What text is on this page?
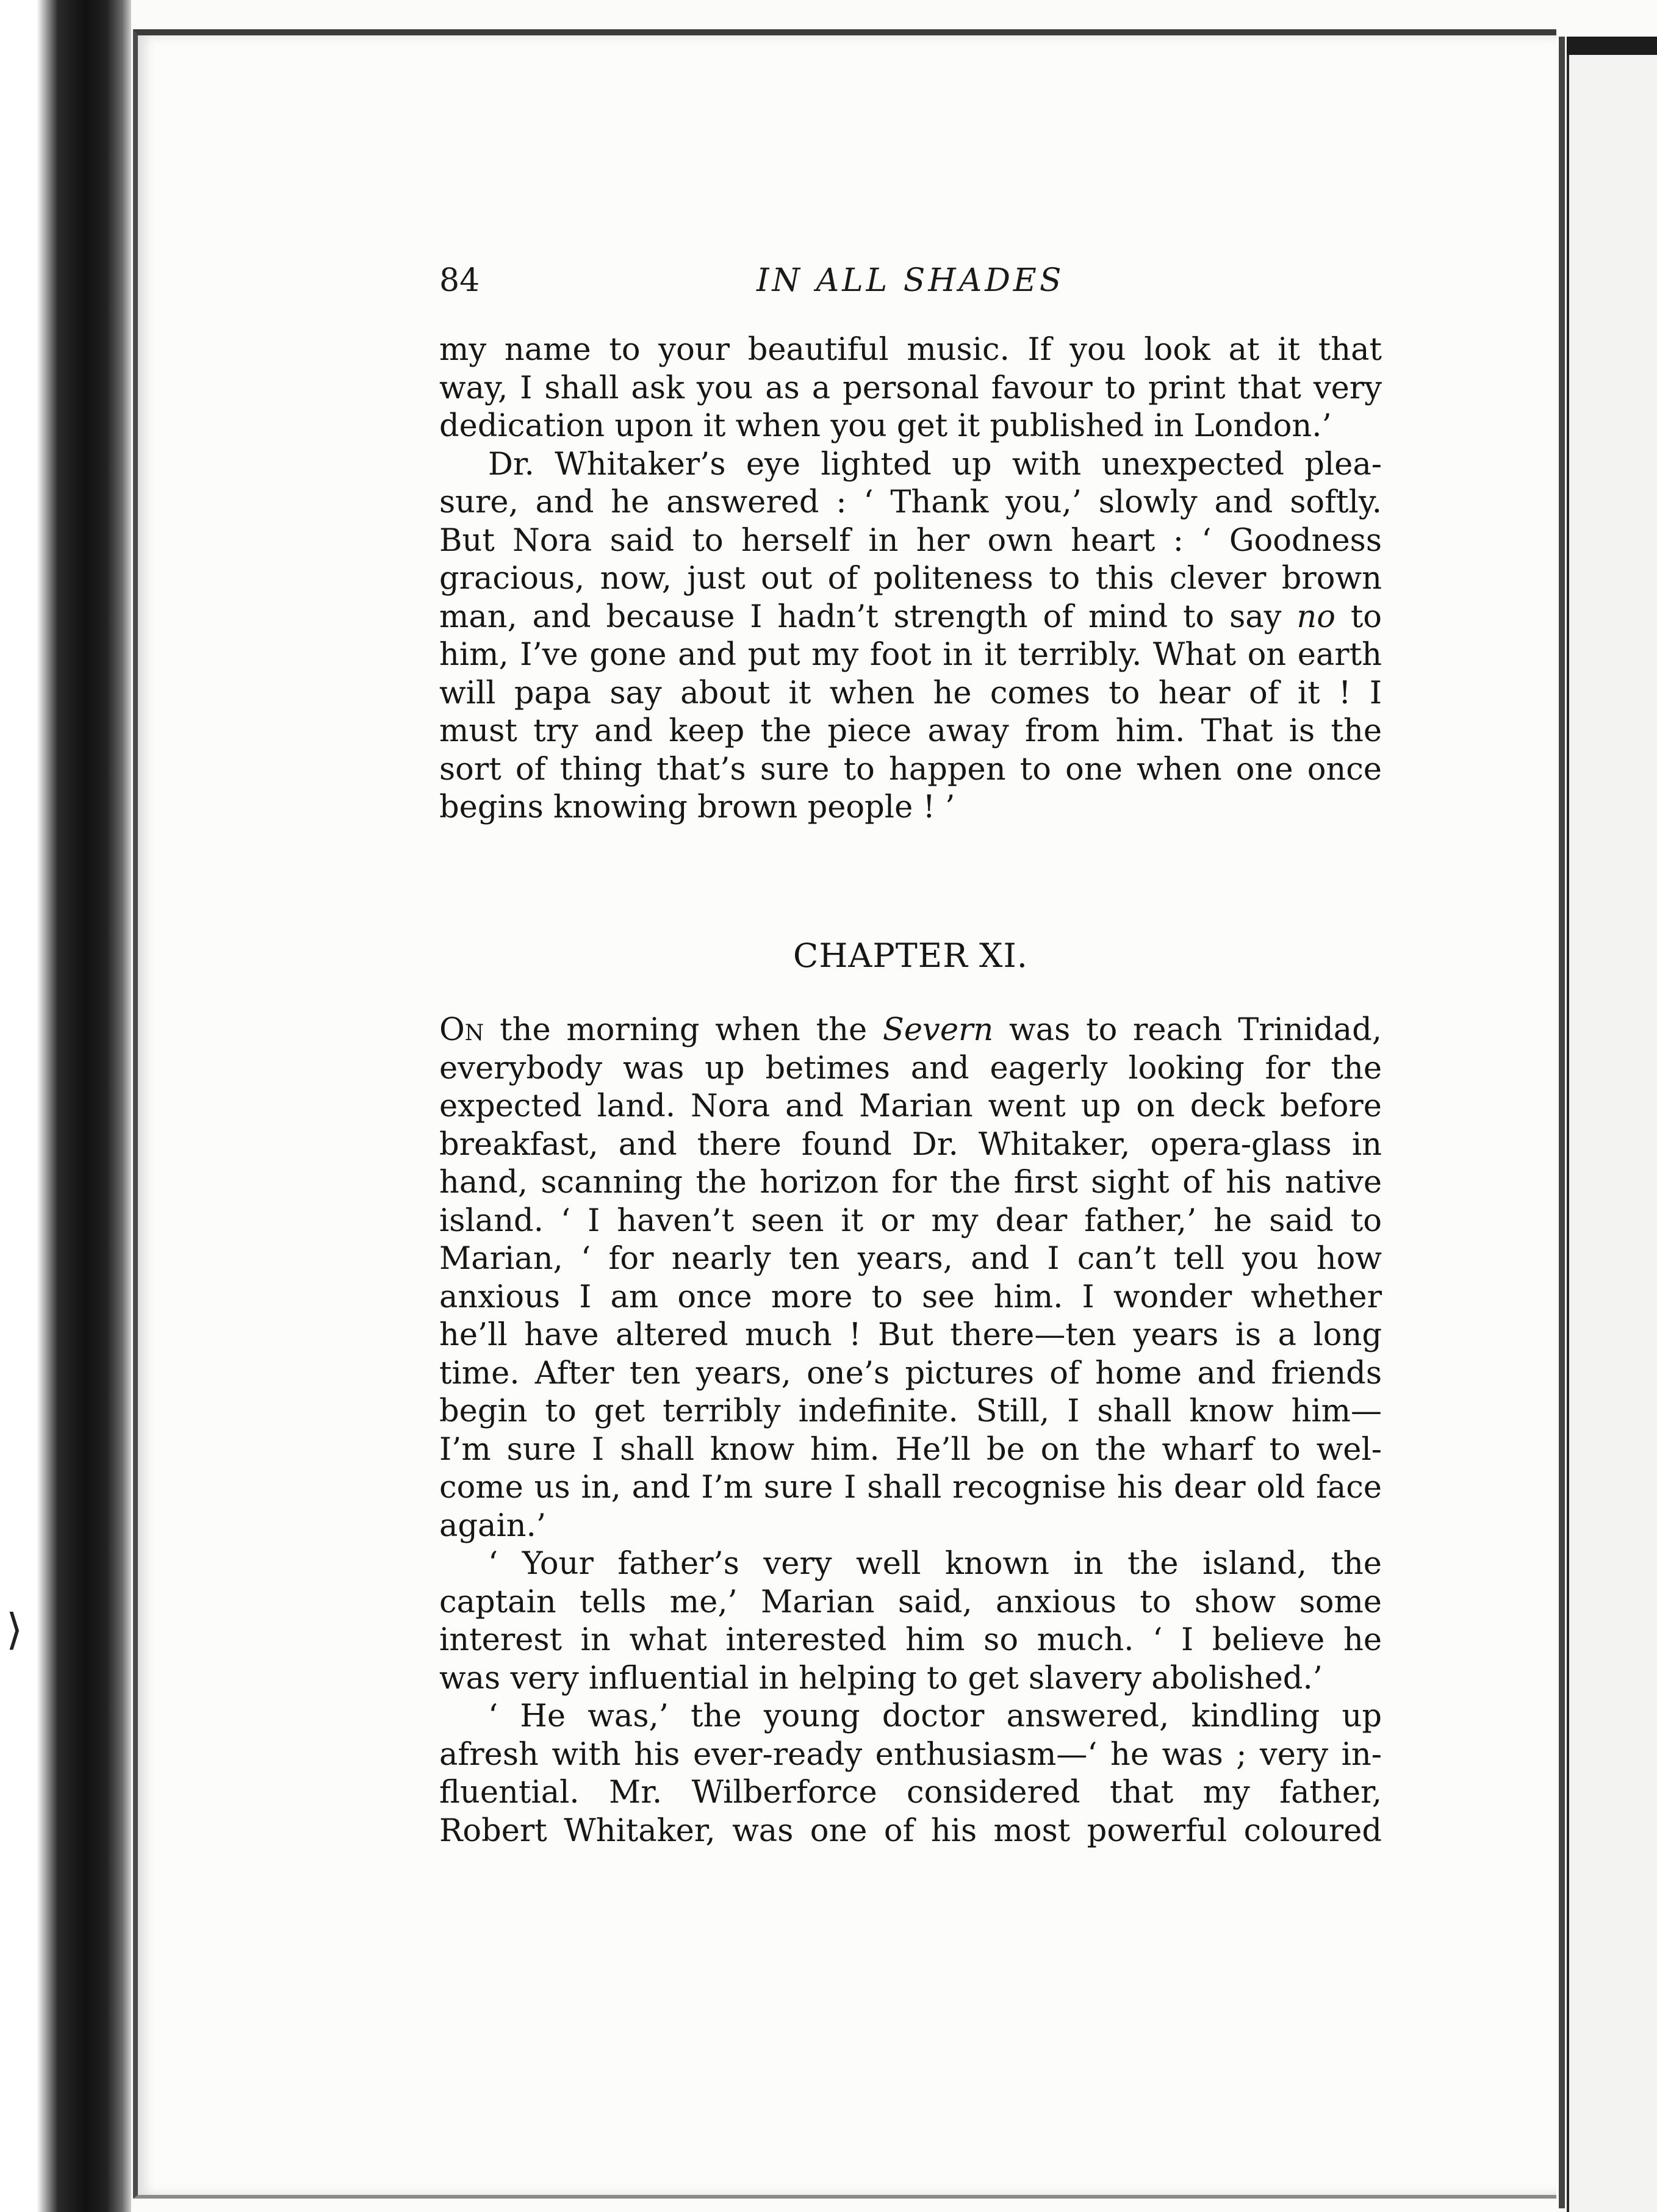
⟩
84	IN ALL SHADES
my name to your beautiful music. If you look at it that
way, I shall ask you as a personal favour to print that very
dedication upon it when you get it published in London.’
Dr. Whitaker’s eye lighted up with unexpected plea-
sure, and he answered : ‘ Thank you,’ slowly and softly.
But Nora said to herself in her own heart : ‘ Goodness
gracious, now, just out of politeness to this clever brown
man, and because I hadn’t strength of mind to say no to
him, I’ve gone and put my foot in it terribly. What on earth
will papa say about it when he comes to hear of it ! I
must try and keep the piece away from him. That is the
sort of thing that’s sure to happen to one when one once
begins knowing brown people ! ’
CHAPTER XI.
On the morning when the Severn was to reach Trinidad,
everybody was up betimes and eagerly looking for the
expected land. Nora and Marian went up on deck before
breakfast, and there found Dr. Whitaker, opera-glass in
hand, scanning the horizon for the first sight of his native
island. ‘ I haven’t seen it or my dear father,’ he said to
Marian, ‘ for nearly ten years, and I can’t tell you how
anxious I am once more to see him. I wonder whether
he’ll have altered much ! But there—ten years is a long
time. After ten years, one’s pictures of home and friends
begin to get terribly indefinite. Still, I shall know him—
I’m sure I shall know him. He’ll be on the wharf to wel-
come us in, and I’m sure I shall recognise his dear old face
again.’
‘ Your father’s very well known in the island, the
captain tells me,’ Marian said, anxious to show some
interest in what interested him so much. ‘ I believe he
was very influential in helping to get slavery abolished.’
‘ He was,’ the young doctor answered, kindling up
afresh with his ever-ready enthusiasm—‘ he was ; very in-
fluential. Mr. Wilberforce considered that my father,
Robert Whitaker, was one of his most powerful coloured
